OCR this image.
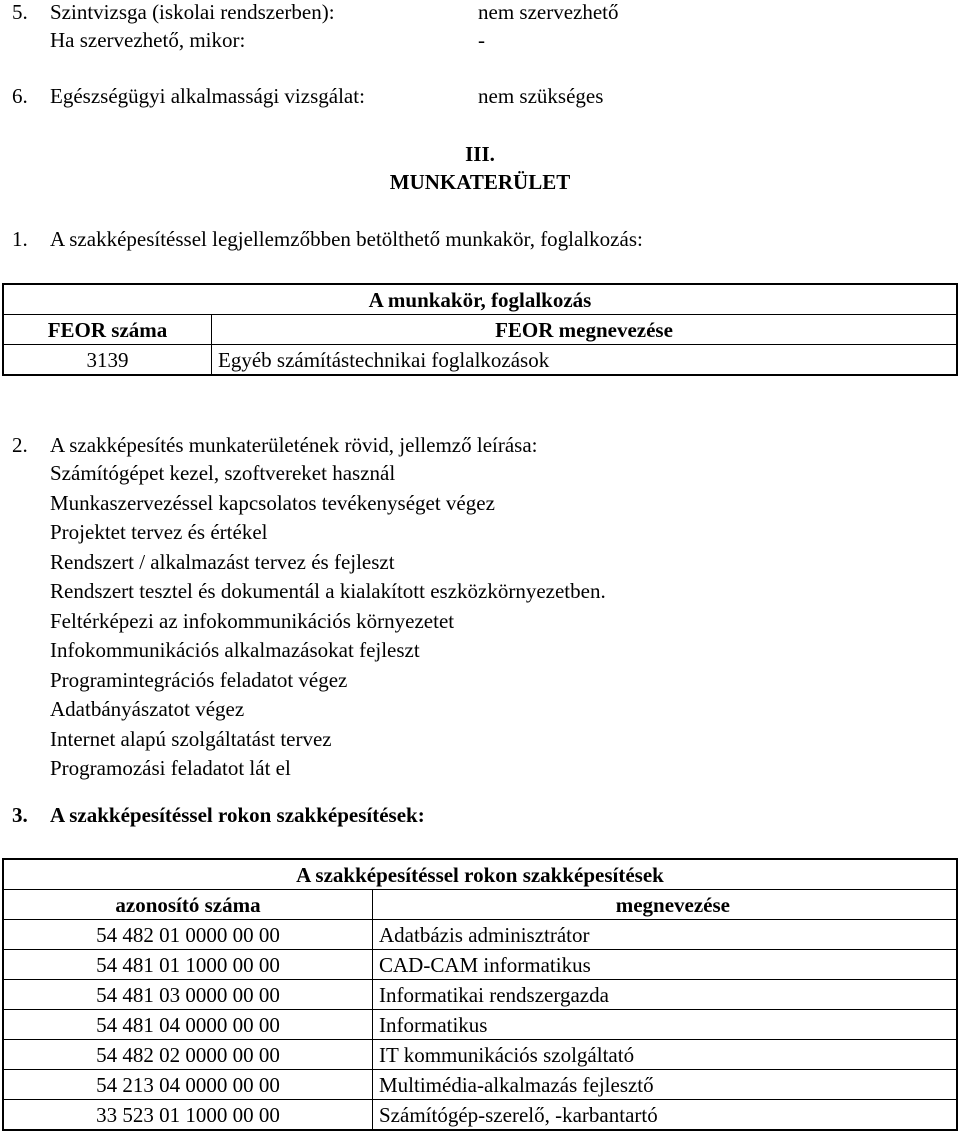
5. Szintvizsga (iskolai rendszerben):	nem szervezhető
Ha szervezhető, mikor:	-
6. Egészségügyi alkalmassági vizsgálat:	nem szükséges
III.
MUNKATERÜLET
1. A szakképesítéssel legjellemzőbben betölthető munkakör, foglalkozás:
A munkakör, foglalkozás	
FEOR száma	FEOR megnevezése
3139	Egyéb számítástechnikai foglalkozások
2. A szakképesítés munkaterületének rövid, jellemző leírása:
Számítógépet kezel, szoftvereket használ
Munkaszervezéssel kapcsolatos tevékenységet végez
Projektet tervez és értékel
Rendszert / alkalmazást tervez és fejleszt
Rendszert tesztel és dokumentál a kialakított eszközkörnyezetben.
Feltérképezi az infokommunikációs környezetet
Infokommunikációs alkalmazásokat fejleszt
Programintegrációs feladatot végez
Adatbányászatot végez
Internet alapú szolgáltatást tervez
Programozási feladatot lát el
3. A szakképesítéssel rokon szakképesítések:
A szakképesítéssel rokon szakképesítések	
azonosító száma	megnevezése
54 482 01 0000 00 00	Adatbázis adminisztrátor
54 481 01 1000 00 00	CAD-CAM informatikus
54 481 03 0000 00 00	Informatikai rendszergazda
54 481 04 0000 00 00	Informatikus
54 482 02 0000 00 00	IT kommunikációs szolgáltató
54 213 04 0000 00 00	Multimédia-alkalmazás fejlesztő
33 523 01 1000 00 00	Számítógép-szerelő, -karbantartó
